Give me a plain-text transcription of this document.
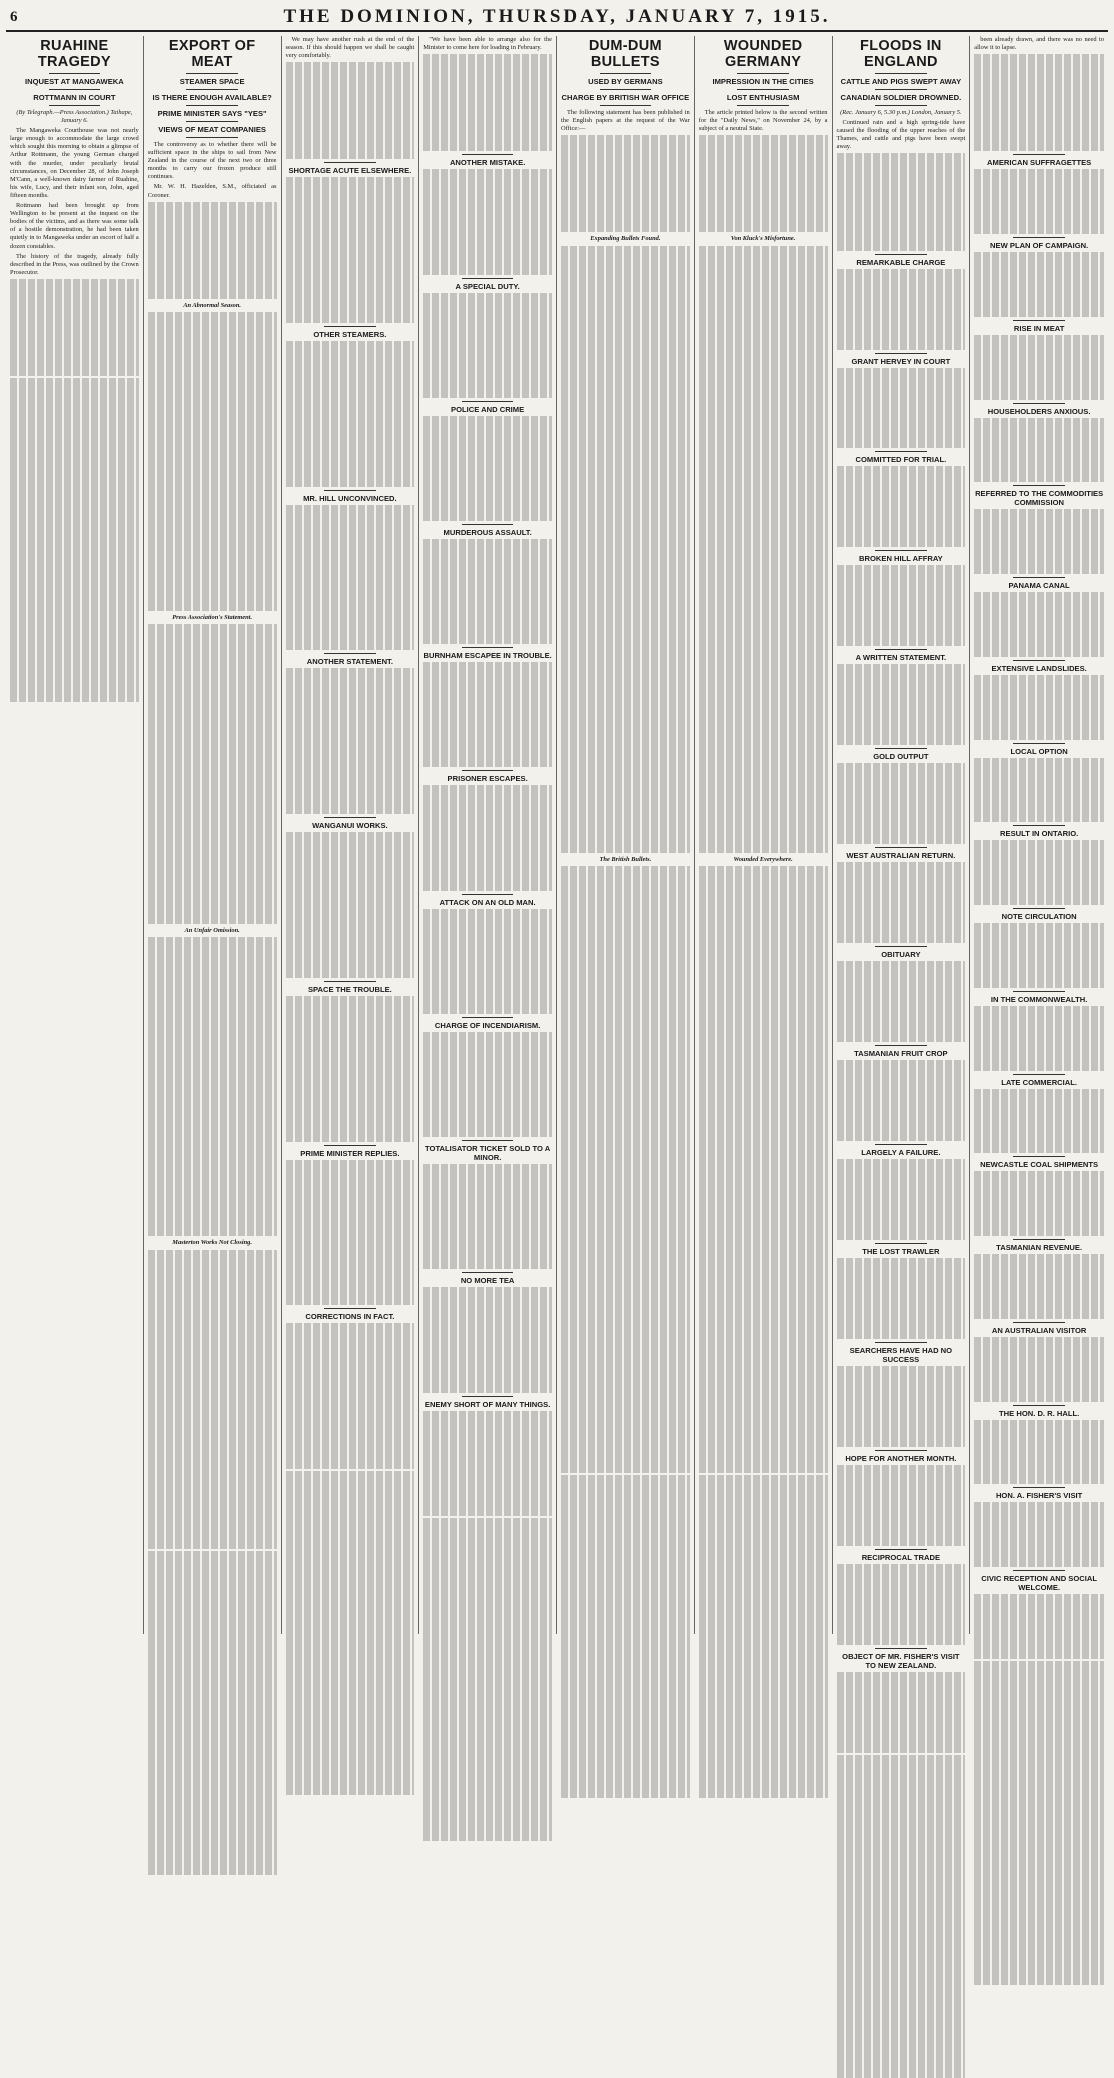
6	THE DOMINION, THURSDAY, JANUARY 7, 1915.
RUAHINE TRAGEDY
INQUEST AT MANGAWEKA
ROTTMANN IN COURT
(By Telegraph.—Press Association.) Taihape, January 6.

The Mangaweka Courthouse was not nearly large enough to accommodate the large crowd which sought this morning to obtain a glimpse of Arthur Rottmann, the young German charged with the murder, under peculiarly brutal circumstances, on December 28, of John Joseph M'Cann, a well-known dairy farmer of Ruahine, his wife, Lucy, and their infant son, John, aged fifteen months.

Rottmann had been brought up from Wellington to be present at the inquest on the bodies of the victims, and as there was some talk of a hostile demonstration, he had been taken quietly in to Mangaweka under an escort of half a dozen constables.

The history of the tragedy, already fully described in the Press, was outlined by the Crown Prosecutor.

EXPORT OF MEAT
STEAMER SPACE
IS THERE ENOUGH AVAILABLE?
PRIME MINISTER SAYS "YES"
VIEWS OF MEAT COMPANIES

The controversy as to whether there will be sufficient space in the ships to sail from New Zealand in the course of the next two or three months to carry our frozen produce still continues.

Mr. W. H. Hazelden, S.M., officiated as Coroner.

An Abnormal Season.
Press Association's Statement.
An Unfair Omission.
Masterton Works Not Closing.

We may have another rush at the end of the season. If this should happen we shall be caught very comfortably.

SHORTAGE ACUTE ELSEWHERE.
OTHER STEAMERS.
MR. HILL UNCONVINCED.
ANOTHER STATEMENT.
WANGANUI WORKS.
SPACE THE TROUBLE.
PRIME MINISTER REPLIES.
CORRECTIONS IN FACT.

"We have been able to arrange also for the Minister to come here for loading in February.

ANOTHER MISTAKE.
A SPECIAL DUTY.
POLICE AND CRIME
MURDEROUS ASSAULT.
BURNHAM ESCAPEE IN TROUBLE.
PRISONER ESCAPES.
ATTACK ON AN OLD MAN.
CHARGE OF INCENDIARISM.
TOTALISATOR TICKET SOLD TO A MINOR.
NO MORE TEA
ENEMY SHORT OF MANY THINGS.
DUM-DUM BULLETS
USED BY GERMANS
CHARGE BY BRITISH WAR OFFICE

The following statement has been published in the English papers at the request of the War Office:—

Expanding Bullets Found.
The British Bullets.
WOUNDED GERMANY
IMPRESSION IN THE CITIES
LOST ENTHUSIASM

The article printed below is the second written for the "Daily News," on November 24, by a subject of a neutral State.

Von Kluck's Misfortune.
Wounded Everywhere.
FLOODS IN ENGLAND
CATTLE AND PIGS SWEPT AWAY
CANADIAN SOLDIER DROWNED.
(Rec. January 6, 5.30 p.m.) London, January 5.

Continued rain and a high spring-tide have caused the flooding of the upper reaches of the Thames, and cattle and pigs have been swept away.

REMARKABLE CHARGE
GRANT HERVEY IN COURT
COMMITTED FOR TRIAL.
BROKEN HILL AFFRAY
A WRITTEN STATEMENT.
GOLD OUTPUT
WEST AUSTRALIAN RETURN.
OBITUARY
TASMANIAN FRUIT CROP
LARGELY A FAILURE.
THE LOST TRAWLER
SEARCHERS HAVE HAD NO SUCCESS
HOPE FOR ANOTHER MONTH.
RECIPROCAL TRADE
OBJECT OF MR. FISHER'S VISIT TO NEW ZEALAND.

been already drawn, and there was no need to allow it to lapse.

AMERICAN SUFFRAGETTES
NEW PLAN OF CAMPAIGN.
RISE IN MEAT
HOUSEHOLDERS ANXIOUS.
REFERRED TO THE COMMODITIES COMMISSION
PANAMA CANAL
EXTENSIVE LANDSLIDES.
LOCAL OPTION
RESULT IN ONTARIO.
NOTE CIRCULATION
IN THE COMMONWEALTH.
LATE COMMERCIAL.
NEWCASTLE COAL SHIPMENTS
TASMANIAN REVENUE.
AN AUSTRALIAN VISITOR
THE HON. D. R. HALL.
HON. A. FISHER'S VISIT
CIVIC RECEPTION AND SOCIAL WELCOME.
